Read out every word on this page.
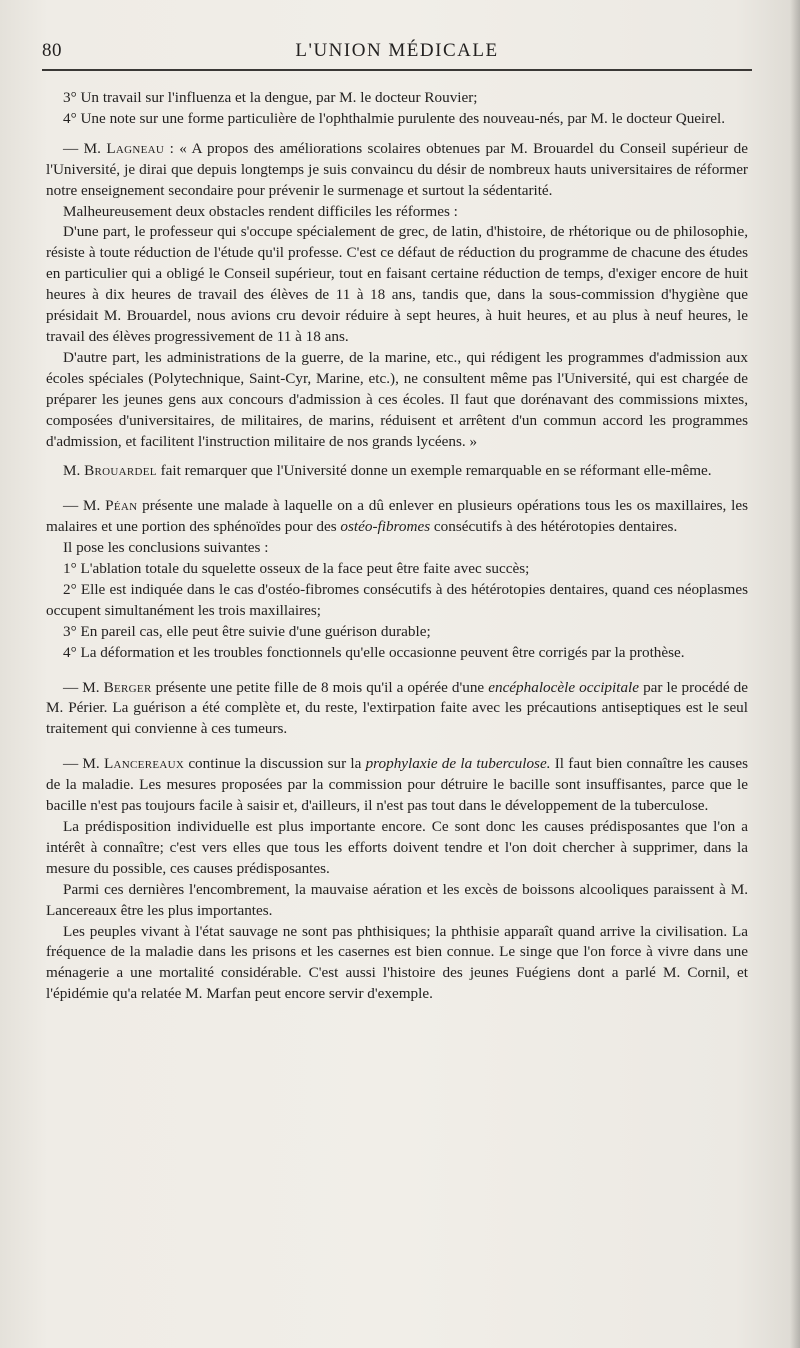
80	L'UNION MÉDICALE

3° Un travail sur l'influenza et la dengue, par M. le docteur Rouvier;

4° Une note sur une forme particulière de l'ophthalmie purulente des nouveau-nés, par M. le docteur Queirel.

— M. Lagneau : « A propos des améliorations scolaires obtenues par M. Brouardel du Conseil supérieur de l'Université, je dirai que depuis longtemps je suis convaincu du désir de nombreux hauts universitaires de réformer notre enseignement secondaire pour prévenir le surmenage et surtout la sédentarité.

Malheureusement deux obstacles rendent difficiles les réformes :

D'une part, le professeur qui s'occupe spécialement de grec, de latin, d'histoire, de rhétorique ou de philosophie, résiste à toute réduction de l'étude qu'il professe. C'est ce défaut de réduction du programme de chacune des études en particulier qui a obligé le Conseil supérieur, tout en faisant certaine réduction de temps, d'exiger encore de huit heures à dix heures de travail des élèves de 11 à 18 ans, tandis que, dans la sous-commission d'hygiène que présidait M. Brouardel, nous avions cru devoir réduire à sept heures, à huit heures, et au plus à neuf heures, le travail des élèves progressivement de 11 à 18 ans.

D'autre part, les administrations de la guerre, de la marine, etc., qui rédigent les programmes d'admission aux écoles spéciales (Polytechnique, Saint-Cyr, Marine, etc.), ne consultent même pas l'Université, qui est chargée de préparer les jeunes gens aux concours d'admission à ces écoles. Il faut que dorénavant des commissions mixtes, composées d'universitaires, de militaires, de marins, réduisent et arrêtent d'un commun accord les programmes d'admission, et facilitent l'instruction militaire de nos grands lycéens. »

M. Brouardel fait remarquer que l'Université donne un exemple remarquable en se réformant elle-même.

— M. Péan présente une malade à laquelle on a dû enlever en plusieurs opérations tous les os maxillaires, les malaires et une portion des sphénoïdes pour des ostéo-fibromes consécutifs à des hétérotopies dentaires.

Il pose les conclusions suivantes :

1° L'ablation totale du squelette osseux de la face peut être faite avec succès;

2° Elle est indiquée dans le cas d'ostéo-fibromes consécutifs à des hétérotopies dentaires, quand ces néoplasmes occupent simultanément les trois maxillaires;

3° En pareil cas, elle peut être suivie d'une guérison durable;

4° La déformation et les troubles fonctionnels qu'elle occasionne peuvent être corrigés par la prothèse.

— M. Berger présente une petite fille de 8 mois qu'il a opérée d'une encéphalocèle occipitale par le procédé de M. Périer. La guérison a été complète et, du reste, l'extirpation faite avec les précautions antiseptiques est le seul traitement qui convienne à ces tumeurs.

— M. Lancereaux continue la discussion sur la prophylaxie de la tuberculose. Il faut bien connaître les causes de la maladie. Les mesures proposées par la commission pour détruire le bacille sont insuffisantes, parce que le bacille n'est pas toujours facile à saisir et, d'ailleurs, il n'est pas tout dans le développement de la tuberculose.

La prédisposition individuelle est plus importante encore. Ce sont donc les causes prédisposantes que l'on a intérêt à connaître; c'est vers elles que tous les efforts doivent tendre et l'on doit chercher à supprimer, dans la mesure du possible, ces causes prédisposantes.

Parmi ces dernières l'encombrement, la mauvaise aération et les excès de boissons alcooliques paraissent à M. Lancereaux être les plus importantes.

Les peuples vivant à l'état sauvage ne sont pas phthisiques; la phthisie apparaît quand arrive la civilisation. La fréquence de la maladie dans les prisons et les casernes est bien connue. Le singe que l'on force à vivre dans une ménagerie a une mortalité considérable. C'est aussi l'histoire des jeunes Fuégiens dont a parlé M. Cornil, et l'épidémie qu'a relatée M. Marfan peut encore servir d'exemple.
